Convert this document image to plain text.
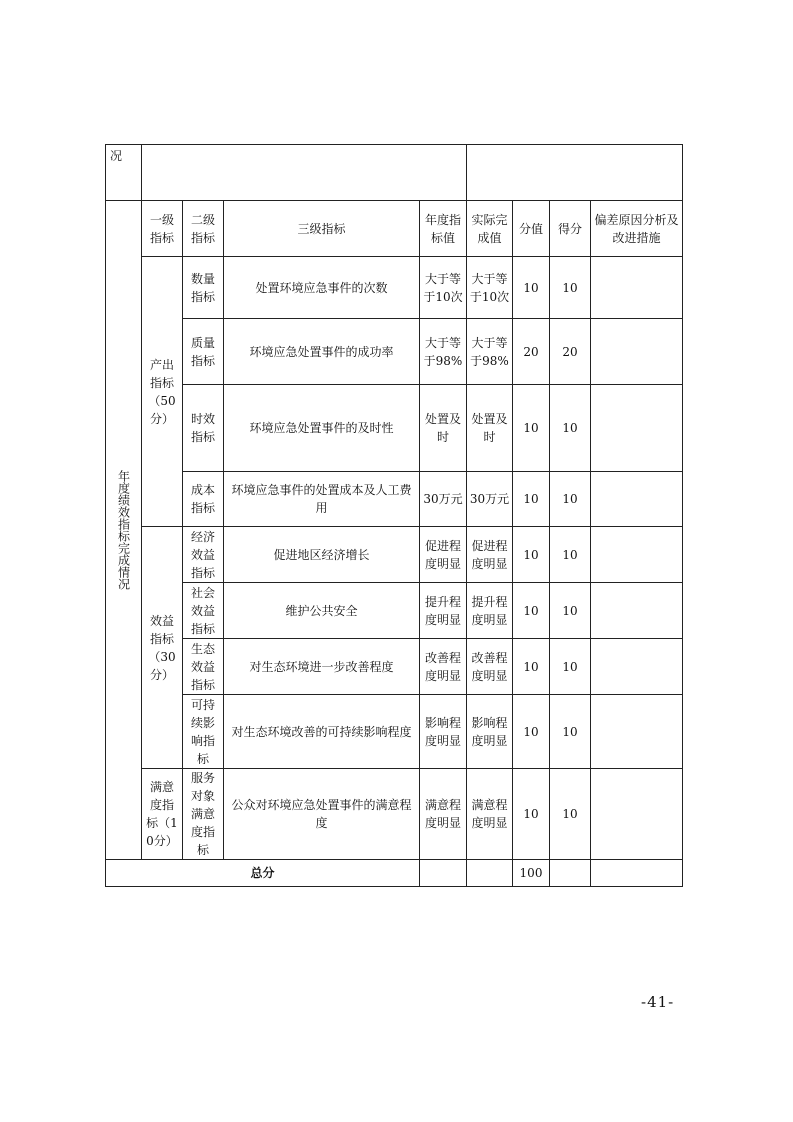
况								
年度绩效指标完成情况	一级指标	二级指标	三级指标	年度指标值	实际完成值	分值	得分	偏差原因分析及改进措施
	产出指标（50分）	数量指标	处置环境应急事件的次数	大于等于10次	大于等于10次	10	10	
		质量指标	环境应急处置事件的成功率	大于等于98%	大于等于98%	20	20	
		时效指标	环境应急处置事件的及时性	处置及时	处置及时	10	10	
		成本指标	环境应急事件的处置成本及人工费用	30万元	30万元	10	10	
	效益指标（30分）	经济效益指标	促进地区经济增长	促进程度明显	促进程度明显	10	10	
		社会效益指标	维护公共安全	提升程度明显	提升程度明显	10	10	
		生态效益指标	对生态环境进一步改善程度	改善程度明显	改善程度明显	10	10	
		可持续影响指标	对生态环境改善的可持续影响程度	影响程度明显	影响程度明显	10	10	
	满意度指标（10分）	服务对象满意度指标	公众对环境应急处置事件的满意程度	满意程度明显	满意程度明显	10	10	
总分						100		
-41-
